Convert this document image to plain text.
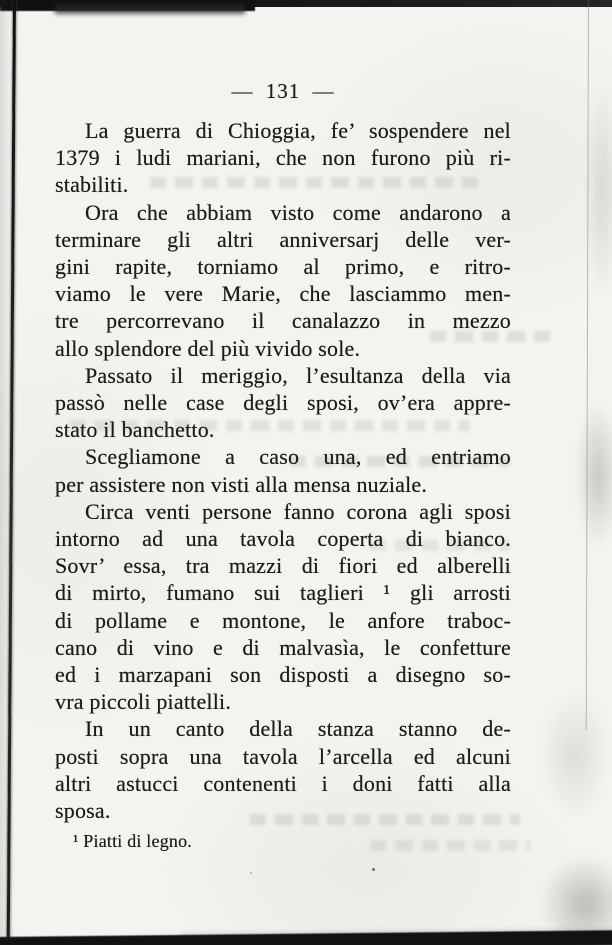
— 131 —
La guerra di Chioggia, fe’ sospendere nel
1379 i ludi mariani, che non furono più ri-
stabiliti.
Ora che abbiam visto come andarono a
terminare gli altri anniversarj delle ver-
gini rapite, torniamo al primo, e ritro-
viamo le vere Marie, che lasciammo men-
tre percorrevano il canalazzo in mezzo
allo splendore del più vivido sole.
Passato il meriggio, l’esultanza della via
passò nelle case degli sposi, ov’era appre-
stato il banchetto.
Scegliamone a caso una, ed entriamo
per assistere non visti alla mensa nuziale.
Circa venti persone fanno corona agli sposi
intorno ad una tavola coperta di bianco.
Sovr’ essa, tra mazzi di fiori ed alberelli
di mirto, fumano sui taglieri ¹ gli arrosti
di pollame e montone, le anfore traboc-
cano di vino e di malvasìa, le confetture
ed i marzapani son disposti a disegno so-
vra piccoli piattelli.
In un canto della stanza stanno de-
posti sopra una tavola l’arcella ed alcuni
altri astucci contenenti i doni fatti alla
sposa.
¹ Piatti di legno.
